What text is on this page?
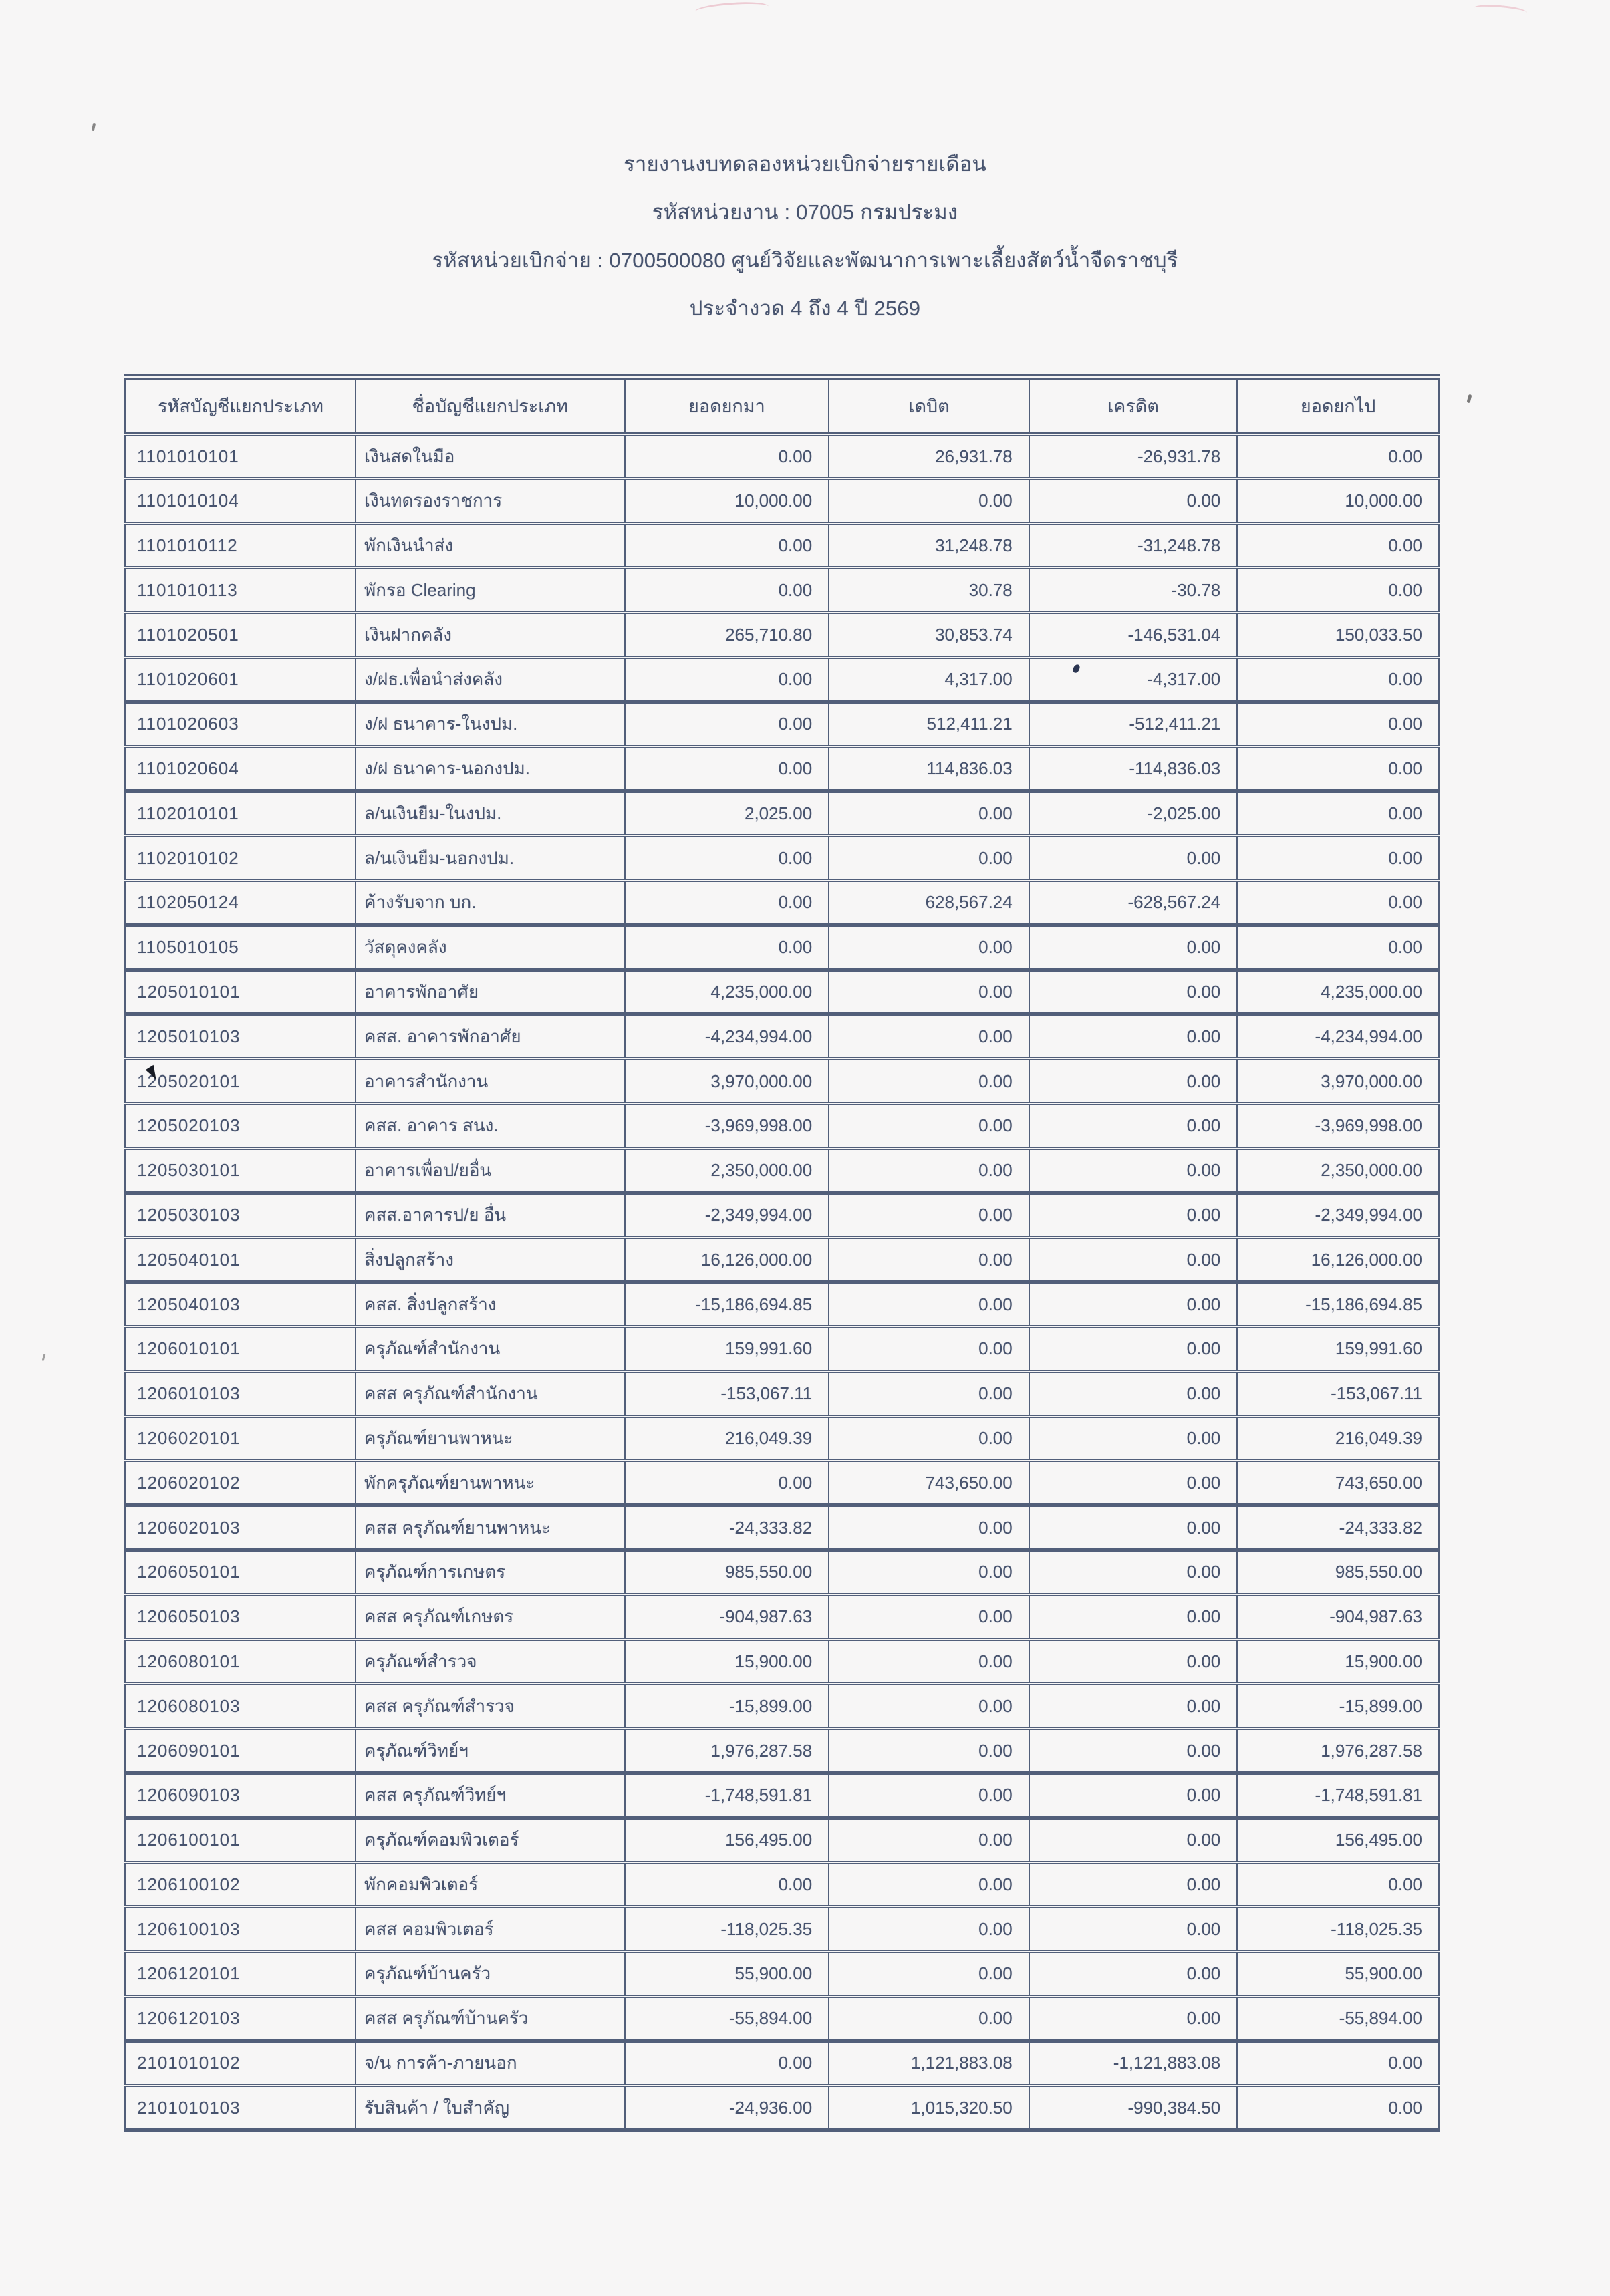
รายงานงบทดลองหน่วยเบิกจ่ายรายเดือน
รหัสหน่วยงาน : 07005 กรมประมง
รหัสหน่วยเบิกจ่าย : 0700500080 ศูนย์วิจัยและพัฒนาการเพาะเลี้ยงสัตว์น้ำจืดราชบุรี
ประจำงวด 4 ถึง 4 ปี 2569
รหัสบัญชีแยกประเภท	ชื่อบัญชีแยกประเภท	ยอดยกมา	เดบิต	เครดิต	ยอดยกไป
1101010101	เงินสดในมือ	0.00	26,931.78	-26,931.78	0.00
1101010104	เงินทดรองราชการ	10,000.00	0.00	0.00	10,000.00
1101010112	พักเงินนำส่ง	0.00	31,248.78	-31,248.78	0.00
1101010113	พักรอ Clearing	0.00	30.78	-30.78	0.00
1101020501	เงินฝากคลัง	265,710.80	30,853.74	-146,531.04	150,033.50
1101020601	ง/ฝธ.เพื่อนำส่งคลัง	0.00	4,317.00	-4,317.00	0.00
1101020603	ง/ฝ ธนาคาร-ในงปม.	0.00	512,411.21	-512,411.21	0.00
1101020604	ง/ฝ ธนาคาร-นอกงปม.	0.00	114,836.03	-114,836.03	0.00
1102010101	ล/นเงินยืม-ในงปม.	2,025.00	0.00	-2,025.00	0.00
1102010102	ล/นเงินยืม-นอกงปม.	0.00	0.00	0.00	0.00
1102050124	ค้างรับจาก บก.	0.00	628,567.24	-628,567.24	0.00
1105010105	วัสดุคงคลัง	0.00	0.00	0.00	0.00
1205010101	อาคารพักอาศัย	4,235,000.00	0.00	0.00	4,235,000.00
1205010103	คสส. อาคารพักอาศัย	-4,234,994.00	0.00	0.00	-4,234,994.00
1205020101	อาคารสำนักงาน	3,970,000.00	0.00	0.00	3,970,000.00
1205020103	คสส. อาคาร สนง.	-3,969,998.00	0.00	0.00	-3,969,998.00
1205030101	อาคารเพื่อป/ยอื่น	2,350,000.00	0.00	0.00	2,350,000.00
1205030103	คสส.อาคารป/ย อื่น	-2,349,994.00	0.00	0.00	-2,349,994.00
1205040101	สิ่งปลูกสร้าง	16,126,000.00	0.00	0.00	16,126,000.00
1205040103	คสส. สิ่งปลูกสร้าง	-15,186,694.85	0.00	0.00	-15,186,694.85
1206010101	ครุภัณฑ์สำนักงาน	159,991.60	0.00	0.00	159,991.60
1206010103	คสส ครุภัณฑ์สำนักงาน	-153,067.11	0.00	0.00	-153,067.11
1206020101	ครุภัณฑ์ยานพาหนะ	216,049.39	0.00	0.00	216,049.39
1206020102	พักครุภัณฑ์ยานพาหนะ	0.00	743,650.00	0.00	743,650.00
1206020103	คสส ครุภัณฑ์ยานพาหนะ	-24,333.82	0.00	0.00	-24,333.82
1206050101	ครุภัณฑ์การเกษตร	985,550.00	0.00	0.00	985,550.00
1206050103	คสส ครุภัณฑ์เกษตร	-904,987.63	0.00	0.00	-904,987.63
1206080101	ครุภัณฑ์สำรวจ	15,900.00	0.00	0.00	15,900.00
1206080103	คสส ครุภัณฑ์สำรวจ	-15,899.00	0.00	0.00	-15,899.00
1206090101	ครุภัณฑ์วิทย์ฯ	1,976,287.58	0.00	0.00	1,976,287.58
1206090103	คสส ครุภัณฑ์วิทย์ฯ	-1,748,591.81	0.00	0.00	-1,748,591.81
1206100101	ครุภัณฑ์คอมพิวเตอร์	156,495.00	0.00	0.00	156,495.00
1206100102	พักคอมพิวเตอร์	0.00	0.00	0.00	0.00
1206100103	คสส คอมพิวเตอร์	-118,025.35	0.00	0.00	-118,025.35
1206120101	ครุภัณฑ์บ้านครัว	55,900.00	0.00	0.00	55,900.00
1206120103	คสส ครุภัณฑ์บ้านครัว	-55,894.00	0.00	0.00	-55,894.00
2101010102	จ/น การค้า-ภายนอก	0.00	1,121,883.08	-1,121,883.08	0.00
2101010103	รับสินค้า / ใบสำคัญ	-24,936.00	1,015,320.50	-990,384.50	0.00
